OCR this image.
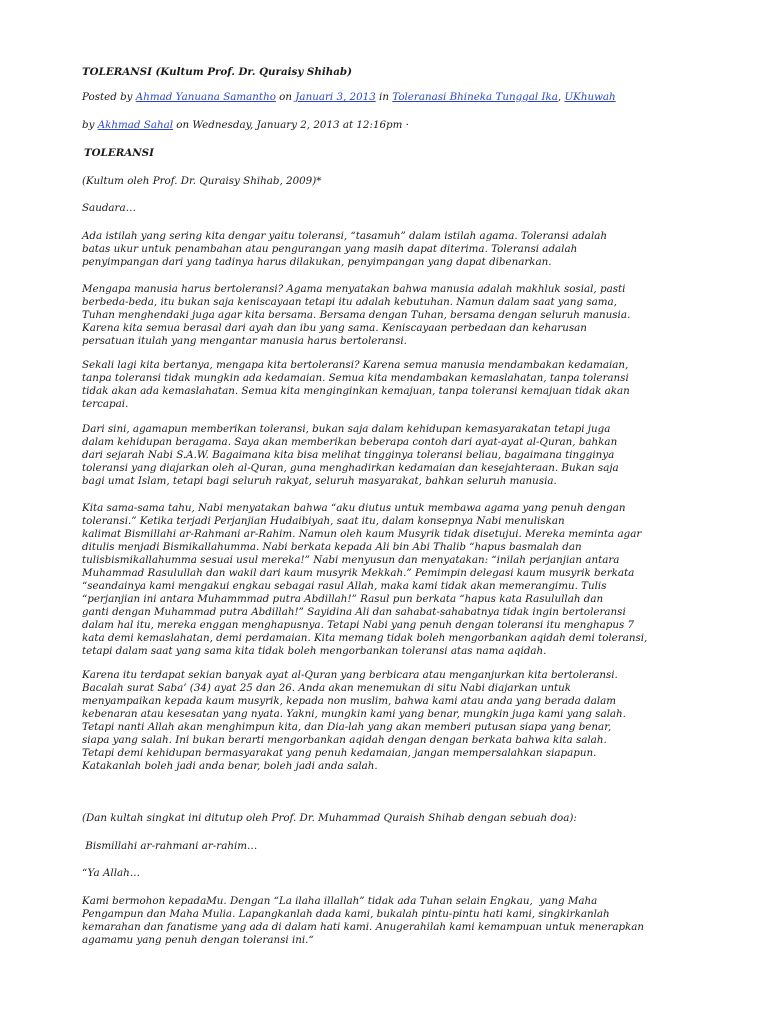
TOLERANSI (Kultum Prof. Dr. Quraisy Shihab)
Posted by Ahmad Yanuana Samantho on Januari 3, 2013 in Toleranasi Bhineka Tunggal Ika, UKhuwah
by Akhmad Sahal on Wednesday, January 2, 2013 at 12:16pm ·
TOLERANSI
(Kultum oleh Prof. Dr. Quraisy Shihab, 2009)*
Saudara…
Ada istilah yang sering kita dengar yaitu toleransi, “tasamuh” dalam istilah agama. Toleransi adalah
batas ukur untuk penambahan atau pengurangan yang masih dapat diterima. Toleransi adalah
penyimpangan dari yang tadinya harus dilakukan, penyimpangan yang dapat dibenarkan.
Mengapa manusia harus bertoleransi? Agama menyatakan bahwa manusia adalah makhluk sosial, pasti
berbeda-beda, itu bukan saja keniscayaan tetapi itu adalah kebutuhan. Namun dalam saat yang sama,
Tuhan menghendaki juga agar kita bersama. Bersama dengan Tuhan, bersama dengan seluruh manusia.
Karena kita semua berasal dari ayah dan ibu yang sama. Keniscayaan perbedaan dan keharusan
persatuan itulah yang mengantar manusia harus bertoleransi.
Sekali lagi kita bertanya, mengapa kita bertoleransi? Karena semua manusia mendambakan kedamaian,
tanpa toleransi tidak mungkin ada kedamaian. Semua kita mendambakan kemaslahatan, tanpa toleransi
tidak akan ada kemaslahatan. Semua kita menginginkan kemajuan, tanpa toleransi kemajuan tidak akan
tercapai.
Dari sini, agamapun memberikan toleransi, bukan saja dalam kehidupan kemasyarakatan tetapi juga
dalam kehidupan beragama. Saya akan memberikan beberapa contoh dari ayat-ayat al-Quran, bahkan
dari sejarah Nabi S.A.W. Bagaimana kita bisa melihat tingginya toleransi beliau, bagaimana tingginya
toleransi yang diajarkan oleh al-Quran, guna menghadirkan kedamaian dan kesejahteraan. Bukan saja
bagi umat Islam, tetapi bagi seluruh rakyat, seluruh masyarakat, bahkan seluruh manusia.
Kita sama-sama tahu, Nabi menyatakan bahwa “aku diutus untuk membawa agama yang penuh dengan
toleransi.” Ketika terjadi Perjanjian Hudaibiyah, saat itu, dalam konsepnya Nabi menuliskan
kalimat Bismillahi ar-Rahmani ar-Rahim. Namun oleh kaum Musyrik tidak disetujui. Mereka meminta agar
ditulis menjadi Bismikallahumma. Nabi berkata kepada Ali bin Abi Thalib “hapus basmalah dan
tulisbismikallahumma sesuai usul mereka!” Nabi menyusun dan menyatakan: “inilah perjanjian antara
Muhammad Rasulullah dan wakil dari kaum musyrik Mekkah.” Pemimpin delegasi kaum musyrik berkata
“seandainya kami mengakui engkau sebagai rasul Allah, maka kami tidak akan memerangimu. Tulis
“perjanjian ini antara Muhammmad putra Abdillah!” Rasul pun berkata “hapus kata Rasulullah dan
ganti dengan Muhammad putra Abdillah!” Sayidina Ali dan sahabat-sahabatnya tidak ingin bertoleransi
dalam hal itu, mereka enggan menghapusnya. Tetapi Nabi yang penuh dengan toleransi itu menghapus 7
kata demi kemaslahatan, demi perdamaian. Kita memang tidak boleh mengorbankan aqidah demi toleransi,
tetapi dalam saat yang sama kita tidak boleh mengorbankan toleransi atas nama aqidah.
Karena itu terdapat sekian banyak ayat al-Quran yang berbicara atau menganjurkan kita bertoleransi.
Bacalah surat Saba’ (34) ayat 25 dan 26. Anda akan menemukan di situ Nabi diajarkan untuk
menyampaikan kepada kaum musyrik, kepada non muslim, bahwa kami atau anda yang berada dalam
kebenaran atau kesesatan yang nyata. Yakni, mungkin kami yang benar, mungkin juga kami yang salah.
Tetapi nanti Allah akan menghimpun kita, dan Dia-lah yang akan memberi putusan siapa yang benar,
siapa yang salah. Ini bukan berarti mengorbankan aqidah dengan dengan berkata bahwa kita salah.
Tetapi demi kehidupan bermasyarakat yang penuh kedamaian, jangan mempersalahkan siapapun.
Katakanlah boleh jadi anda benar, boleh jadi anda salah.
(Dan kultah singkat ini ditutup oleh Prof. Dr. Muhammad Quraish Shihab dengan sebuah doa):
Bismillahi ar-rahmani ar-rahim…
“Ya Allah…
Kami bermohon kepadaMu. Dengan “La ilaha illallah” tidak ada Tuhan selain Engkau,  yang Maha
Pengampun dan Maha Mulia. Lapangkanlah dada kami, bukalah pintu-pintu hati kami, singkirkanlah
kemarahan dan fanatisme yang ada di dalam hati kami. Anugerahilah kami kemampuan untuk menerapkan
agamamu yang penuh dengan toleransi ini.“
